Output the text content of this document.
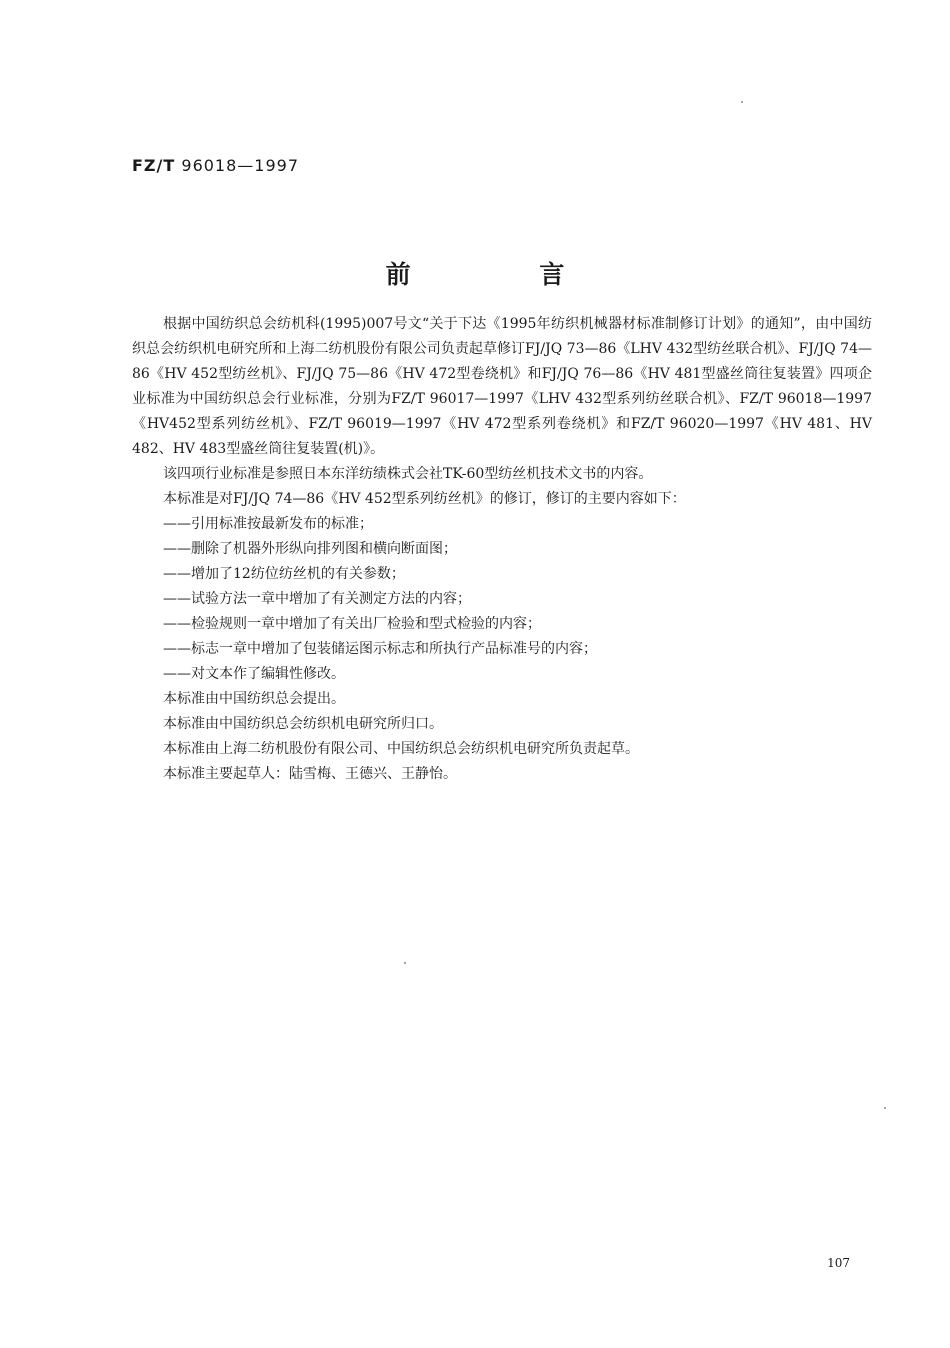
FZ/T 96018—1997
前 言

根据中国纺织总会纺机科(1995)007号文“关于下达《1995年纺织机械器材标准制修订计划》的通知”，由中国纺织总会纺织机电研究所和上海二纺机股份有限公司负责起草修订FJ/JQ 73—86《LHV 432型纺丝联合机》、FJ/JQ 74—86《HV 452型纺丝机》、FJ/JQ 75—86《HV 472型卷绕机》和FJ/JQ 76—86《HV 481型盛丝筒往复装置》四项企业标准为中国纺织总会行业标准，分别为FZ/T 96017—1997《LHV 432型系列纺丝联合机》、FZ/T 96018—1997《HV452型系列纺丝机》、FZ/T 96019—1997《HV 472型系列卷绕机》和FZ/T 96020—1997《HV 481、HV 482、HV 483型盛丝筒往复装置(机)》。

该四项行业标准是参照日本东洋纺绩株式会社TK-60型纺丝机技术文书的内容。

本标准是对FJ/JQ 74—86《HV 452型系列纺丝机》的修订，修订的主要内容如下：

——引用标准按最新发布的标准；

——删除了机器外形纵向排列图和横向断面图；

——增加了12纺位纺丝机的有关参数；

——试验方法一章中增加了有关测定方法的内容；

——检验规则一章中增加了有关出厂检验和型式检验的内容；

——标志一章中增加了包装储运图示标志和所执行产品标准号的内容；

——对文本作了编辑性修改。

本标准由中国纺织总会提出。

本标准由中国纺织总会纺织机电研究所归口。

本标准由上海二纺机股份有限公司、中国纺织总会纺织机电研究所负责起草。

本标准主要起草人：陆雪梅、王德兴、王静怡。

107
